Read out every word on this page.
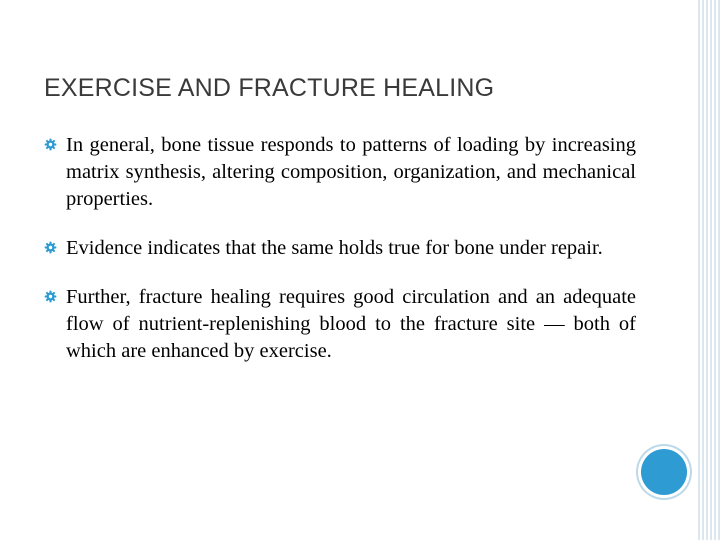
EXERCISE AND FRACTURE HEALING
In general, bone tissue responds to patterns of loading by increasing matrix synthesis, altering composition, organization, and mechanical properties.
Evidence indicates that the same holds true for bone under repair.
Further, fracture healing requires good circulation and an adequate flow of nutrient‑replenishing blood to the fracture site — both of which are enhanced by exercise.
